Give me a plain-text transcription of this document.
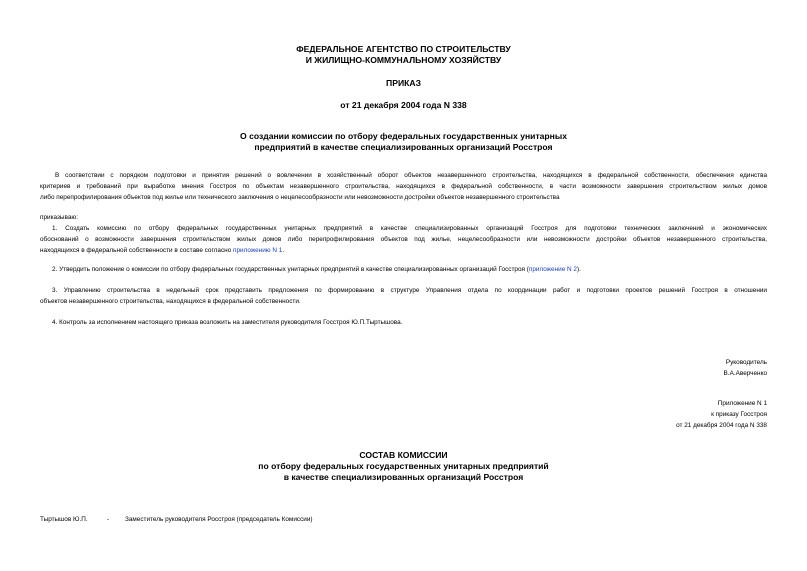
ФЕДЕРАЛЬНОЕ АГЕНТСТВО ПО СТРОИТЕЛЬСТВУ
И ЖИЛИЩНО-КОММУНАЛЬНОМУ ХОЗЯЙСТВУ
ПРИКАЗ
от 21 декабря 2004 года N 338
О создании комиссии по отбору федеральных государственных унитарных
предприятий в качестве специализированных организаций Росстроя
В соответствии с порядком подготовки и принятия решений о вовлечении в хозяйственный оборот объектов незавершенного строительства, находящихся в федеральной собственности, обеспечения единства
критериев и требований при выработке мнения Госстроя по объектам незавершенного строительства, находящихся в федеральной собственности, в части возможности завершения строительством жилых домов
либо перепрофилирования объектов под жилье или технического заключения о нецелесообразности или невозможности достройки объектов незавершенного строительства
приказываю:
1. Создать комиссию по отбору федеральных государственных унитарных предприятий в качестве специализированных организаций Госстроя для подготовки технических заключений и экономических
обоснований о возможности завершения строительством жилых домов либо перепрофилирования объектов под жилье, нецелесообразности или невозможности достройки объектов незавершенного строительства,
находящихся в федеральной собственности в составе согласно приложению N 1.
2. Утвердить положение о комиссии по отбору федеральных государственных унитарных предприятий в качестве специализированных организаций Госстроя (приложение N 2).
3. Управлению строительства в недельный срок представить предложения по формированию в структуре Управления отдела по координации работ и подготовки проектов решений Госстроя в отношении
объектов незавершенного строительства, находящихся в федеральной собственности.
4. Контроль за исполнением настоящего приказа возложить на заместителя руководителя Госстроя Ю.П.Тыртышова.
Руководитель
В.А.Аверченко
Приложение N 1
к приказу Госстроя
от 21 декабря 2004 года N 338
СОСТАВ КОМИССИИ
по отбору федеральных государственных унитарных предприятий
в качестве специализированных организаций Росстроя
Тыртышов Ю.П.	- Заместитель руководителя Росстроя (председатель Комиссии)
